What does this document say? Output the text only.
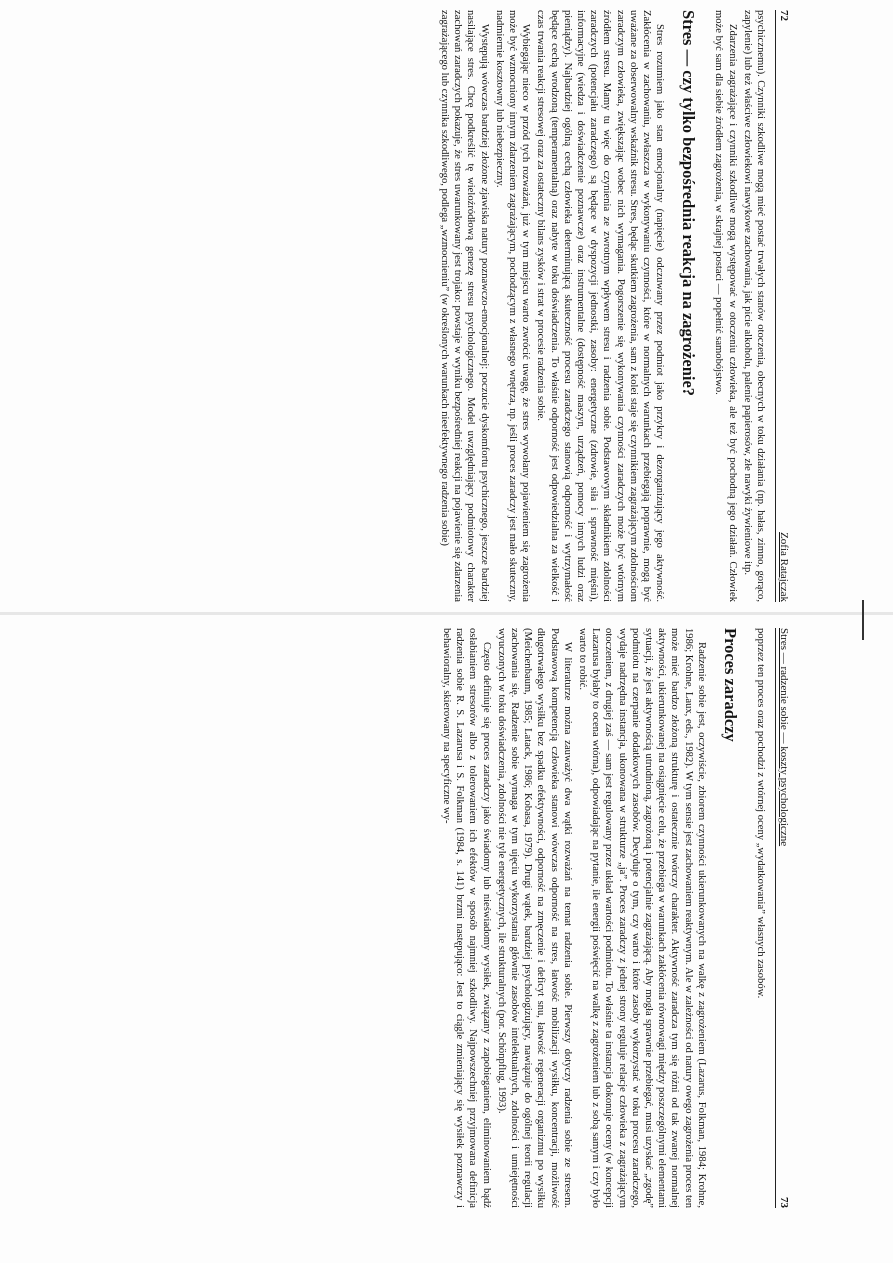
72
Zofia Ratajczak

psychicznemu). Czynniki szkodliwe mogą mieć postać trwałych stanów otoczenia, obecnych w toku działania (np. hałas, zimno, gorąco, zapylenie) lub też właściwe człowiekowi nawykowe zachowania, jak picie alkoholu, palenie papierosów, złe nawyki żywieniowe itp.

Zdarzenia zagrażające i czynniki szkodliwe mogą występować w otoczeniu człowieka, ale też być pochodną jego działań. Człowiek może być sam dla siebie źródłem zagrożenia, w skrajnej postaci — popełnić samobójstwo.

Stres — czy tylko bezpośrednia reakcja na zagrożenie?

Stres rozumiem jako stan emocjonalny (napięcie) odczuwany przez podmiot jako przykry i dezorganizujący jego aktywność. Zakłócenia w zachowaniu, zwłaszcza w wykonywaniu czynności, które w normalnych warunkach przebiegają poprawnie, mogą być uważane za obserwowalny wskaźnik stresu. Stres, będąc skutkiem zagrożenia, sam z kolei staje się czynnikiem zagrażającym zdolnościom zaradczym człowieka, zwiększając wobec nich wymagania. Pogorszenie się wykonywania czynności zaradczych może być wtórnym źródłem stresu. Mamy tu więc do czynienia ze zwrotnym wpływem stresu i radzenia sobie. Podstawowym składnikiem zdolności zaradczych (potencjału zaradczego) są będące w dyspozycji jednostki, zasoby: energetyczne (zdrowie, siła i sprawność mięśni), informacyjne (wiedza i doświadczenie poznawcze) oraz instrumentalne (dostępność maszyn, urządzeń, pomocy innych ludzi oraz pieniądzy). Najbardziej ogólną cechą człowieka determinującą skuteczność procesu zaradczego stanowią odporność i wytrzymałość będące cechą wrodzoną (temperamentalną) oraz nabyte w toku doświadczenia. To właśnie odporność jest odpowiedzialna za wielkość i czas trwania reakcji stresowej oraz za ostateczny bilans zysków i strat w procesie radzenia sobie.

Wybiegając nieco w przód tych rozważań, już w tym miejscu warto zwrócić uwagę, że stres wywołany pojawieniem się zagrożenia może być wzmocniony innym zdarzeniem zagrażającym, pochodzącym z własnego wnętrza, np. jeśli proces zaradczy jest mało skuteczny, nadmiernie kosztowny lub niebezpieczny.

Występują wówczas bardziej złożone zjawiska natury poznawczo-emocjonalnej: poczucie dyskomfortu psychicznego, jeszcze bardziej nasilające stres. Chcę podkreślić tę wieloźródłową genezę stresu psychologicznego. Model uwzględniający podmiotowy charakter zachowań zaradczych pokazuje, że stres uwarunkowany jest trojako: powstaje w wyniku bezpośredniej reakcji na pojawienie się zdarzenia zagrażającego lub czynnika szkodliwego, podlega „wzmocnieniu” (w określonych warunkach nieefektywnego radzenia sobie)

Stres — radzenie sobie — koszty psychologiczne
73

poprzez ten proces oraz pochodzi z wtórnej oceny „wydatkowania” własnych zasobów.

Proces zaradczy

Radzenie sobie jest, oczywiście, zbiorem czynności ukierunkowanych na walkę z zagrożeniem (Lazarus, Folkman, 1984; Krohne, 1986; Krohne, Laux, eds., 1982). W tym sensie jest zachowaniem reaktywnym. Ale w zależności od natury owego zagrożenia proces ten może mieć bardzo złożoną strukturę i ostatecznie twórczy charakter. Aktywność zaradcza tym się różni od tak zwanej normalnej aktywności, ukierunkowanej na osiągnięcie celu, że przebiega w warunkach zakłócenia równowagi między poszczególnymi elementami sytuacji, że jest aktywnością utrudnioną, zagrożoną i potencjalnie zagrażającą. Aby mogła sprawnie przebiegać, musi uzyskać „zgodę” podmiotu na czerpanie dodatkowych zasobów. Decyduje o tym, czy warto i które zasoby wykorzystać w toku procesu zaradczego, wydaje nadrzędna instancja, ukonowana w strukturze „ja”. Proces zaradczy z jednej strony reguluje relacje człowieka z zagrażającym otoczeniem, z drugiej zaś — sam jest regulowany przez układ wartości podmiotu. To właśnie ta instancja dokonuje oceny (w koncepcji Lazarusa byłaby to ocena wtórna), odpowiadając na pytanie, ile energii poświęcić na walkę z zagrożeniem lub z sobą samym i czy było warto to robić.

W literaturze można zauważyć dwa wątki rozważań na temat radzenia sobie. Pierwszy dotyczy radzenia sobie ze stresem. Podstawową kompetencją człowieka stanowi wówczas odporność na stres, łatwość mobilizacji wysiłku, koncentracji, możliwość długotrwałego wysiłku bez spadku efektywności, odporność na zmęczenie i deficyt snu, łatwość regeneracji organizmu po wysiłku (Meichenbaum, 1985; Latack, 1986; Kobasa, 1979). Drugi wątek, bardziej psychologizujący, nawiązuje do ogólnej teorii regulacji zachowania się. Radzenie sobie wymaga w tym ujęciu wykorzystania głównie zasobów intelektualnych, zdolności i umiejętności wyuczonych w toku doświadczenia, zdolności nie tyle energetycznych, ile strukturalnych (por. Schönpflug, 1993).

Często definiuje się proces zaradczy jako świadomy lub nieświadomy wysiłek, związany z zapobieganiem, eliminowaniem bądź osłabianiem stresorów albo z tolerowaniem ich efektów w sposób najmniej szkodliwy. Najpowszechniej przyjmowana definicja radzenia sobie R. S. Lazarusa i S. Folkman (1984, s. 141) brzmi następująco: Jest to ciągle zmieniający się wysiłek poznawczy i behawioralny, skierowany na specyficzne wy-
